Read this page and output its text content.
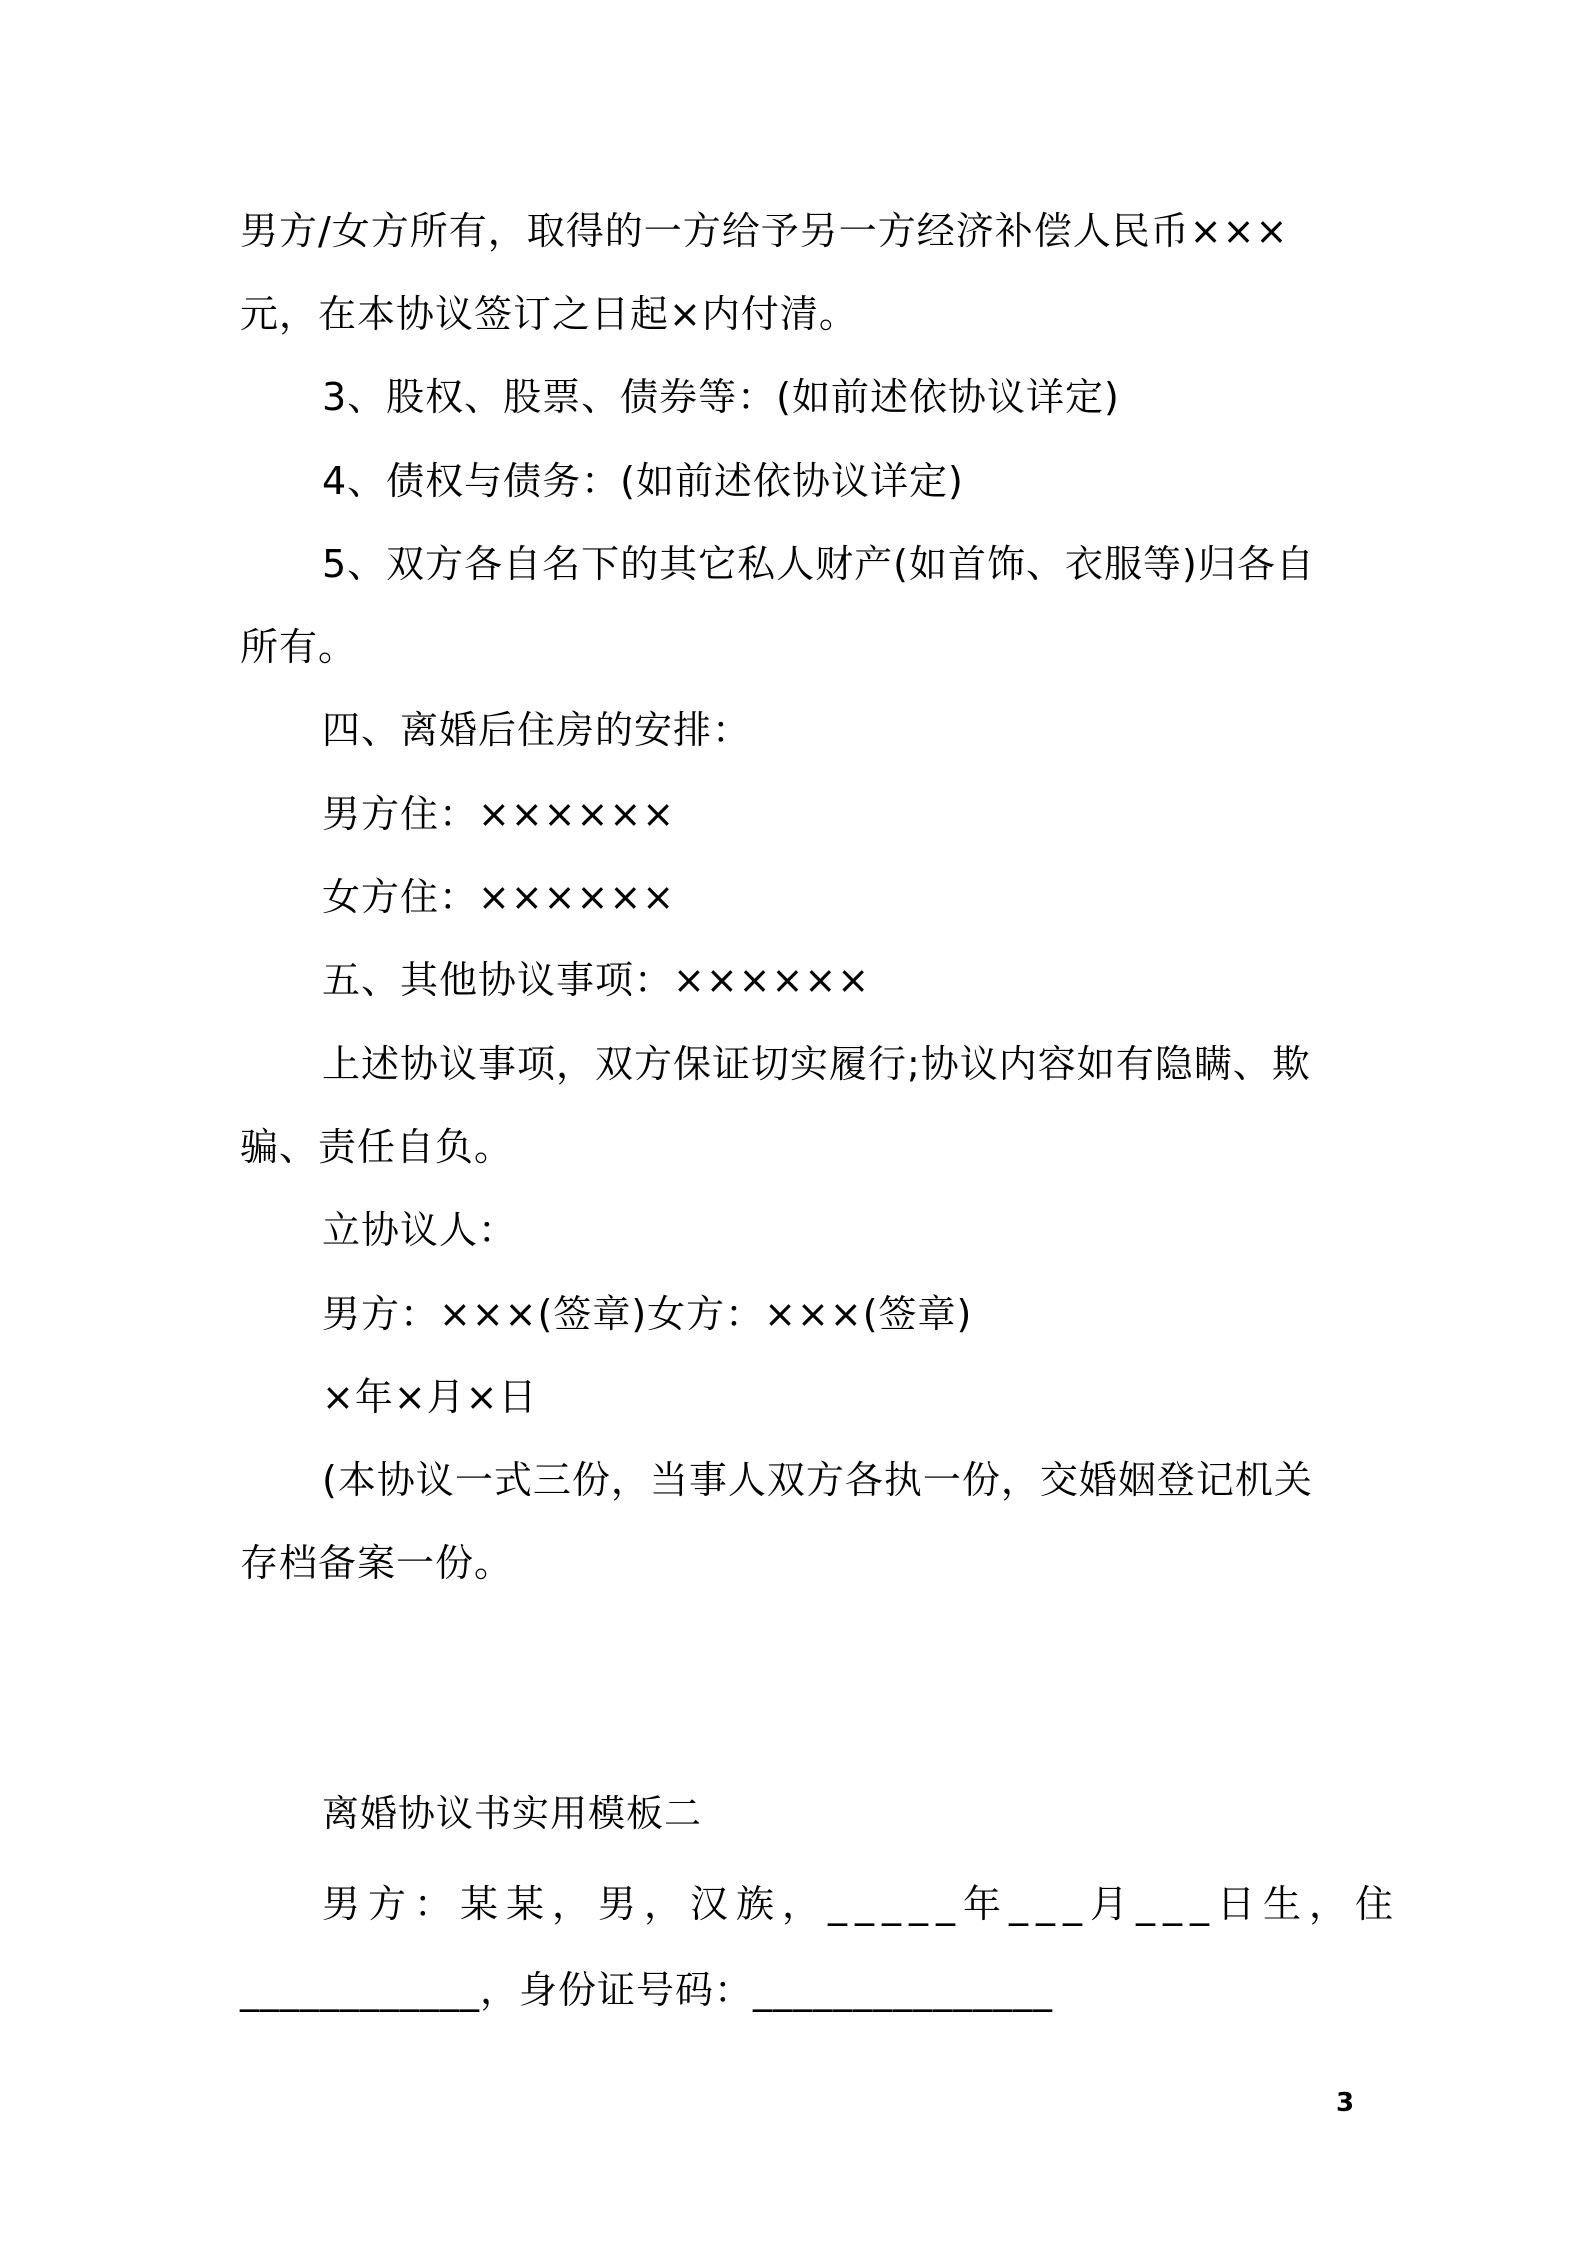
男方/女方所有，取得的一方给予另一方经济补偿人民币×××
元，在本协议签订之日起×内付清。
3、股权、股票、债券等：(如前述依协议详定)
4、债权与债务：(如前述依协议详定)
5、双方各自名下的其它私人财产(如首饰、衣服等)归各自
所有。
四、离婚后住房的安排：
男方住：××××××
女方住：××××××
五、其他协议事项：××××××
上述协议事项，双方保证切实履行;协议内容如有隐瞒、欺
骗、责任自负。
立协议人：
男方：×××(签章)女方：×××(签章)
×年×月×日
(本协议一式三份，当事人双方各执一份，交婚姻登记机关
存档备案一份。
离婚协议书实用模板二
男方：某某，男，汉族，_____年___月___日生，住
____________，身份证号码：_______________
3
